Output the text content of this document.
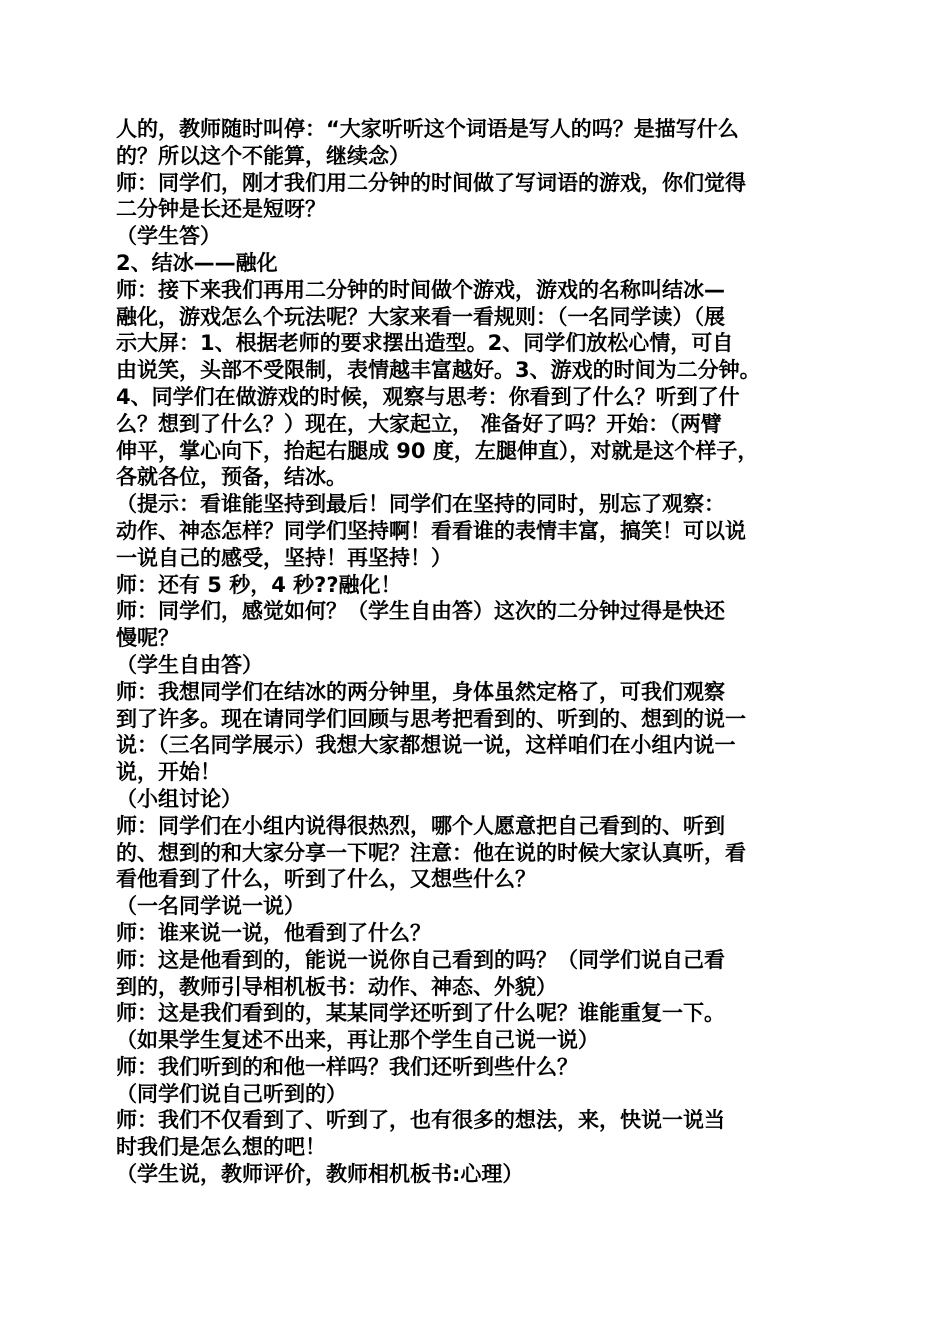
人的，教师随时叫停：“大家听听这个词语是写人的吗？是描写什么
的？所以这个不能算，继续念）
师：同学们，刚才我们用二分钟的时间做了写词语的游戏，你们觉得
二分钟是长还是短呀？
（学生答）
2、结冰——融化
师：接下来我们再用二分钟的时间做个游戏，游戏的名称叫结冰—
融化，游戏怎么个玩法呢？大家来看一看规则：（一名同学读）（展
示大屏：1、根据老师的要求摆出造型。2、同学们放松心情，可自
由说笑，头部不受限制，表情越丰富越好。3、游戏的时间为二分钟。
4、同学们在做游戏的时候，观察与思考：你看到了什么？听到了什
么？想到了什么？）现在，大家起立， 准备好了吗？开始：（两臂
伸平，掌心向下，抬起右腿成 90 度，左腿伸直），对就是这个样子，
各就各位，预备，结冰。
（提示：看谁能坚持到最后！同学们在坚持的同时，别忘了观察：
动作、神态怎样？同学们坚持啊！看看谁的表情丰富，搞笑！可以说
一说自己的感受，坚持！再坚持！）
师：还有 5 秒，4 秒??融化！
师：同学们，感觉如何？（学生自由答）这次的二分钟过得是快还
慢呢？
（学生自由答）
师：我想同学们在结冰的两分钟里，身体虽然定格了，可我们观察
到了许多。现在请同学们回顾与思考把看到的、听到的、想到的说一
说：（三名同学展示）我想大家都想说一说，这样咱们在小组内说一
说，开始！
（小组讨论）
师：同学们在小组内说得很热烈，哪个人愿意把自己看到的、听到
的、想到的和大家分享一下呢？注意：他在说的时候大家认真听，看
看他看到了什么，听到了什么，又想些什么？
（一名同学说一说）
师：谁来说一说，他看到了什么？
师：这是他看到的，能说一说你自己看到的吗？（同学们说自己看
到的，教师引导相机板书：动作、神态、外貌）
师：这是我们看到的，某某同学还听到了什么呢？谁能重复一下。
（如果学生复述不出来，再让那个学生自己说一说）
师：我们听到的和他一样吗？我们还听到些什么？
（同学们说自己听到的）
师：我们不仅看到了、听到了，也有很多的想法，来，快说一说当
时我们是怎么想的吧！
（学生说，教师评价，教师相机板书:心理）
